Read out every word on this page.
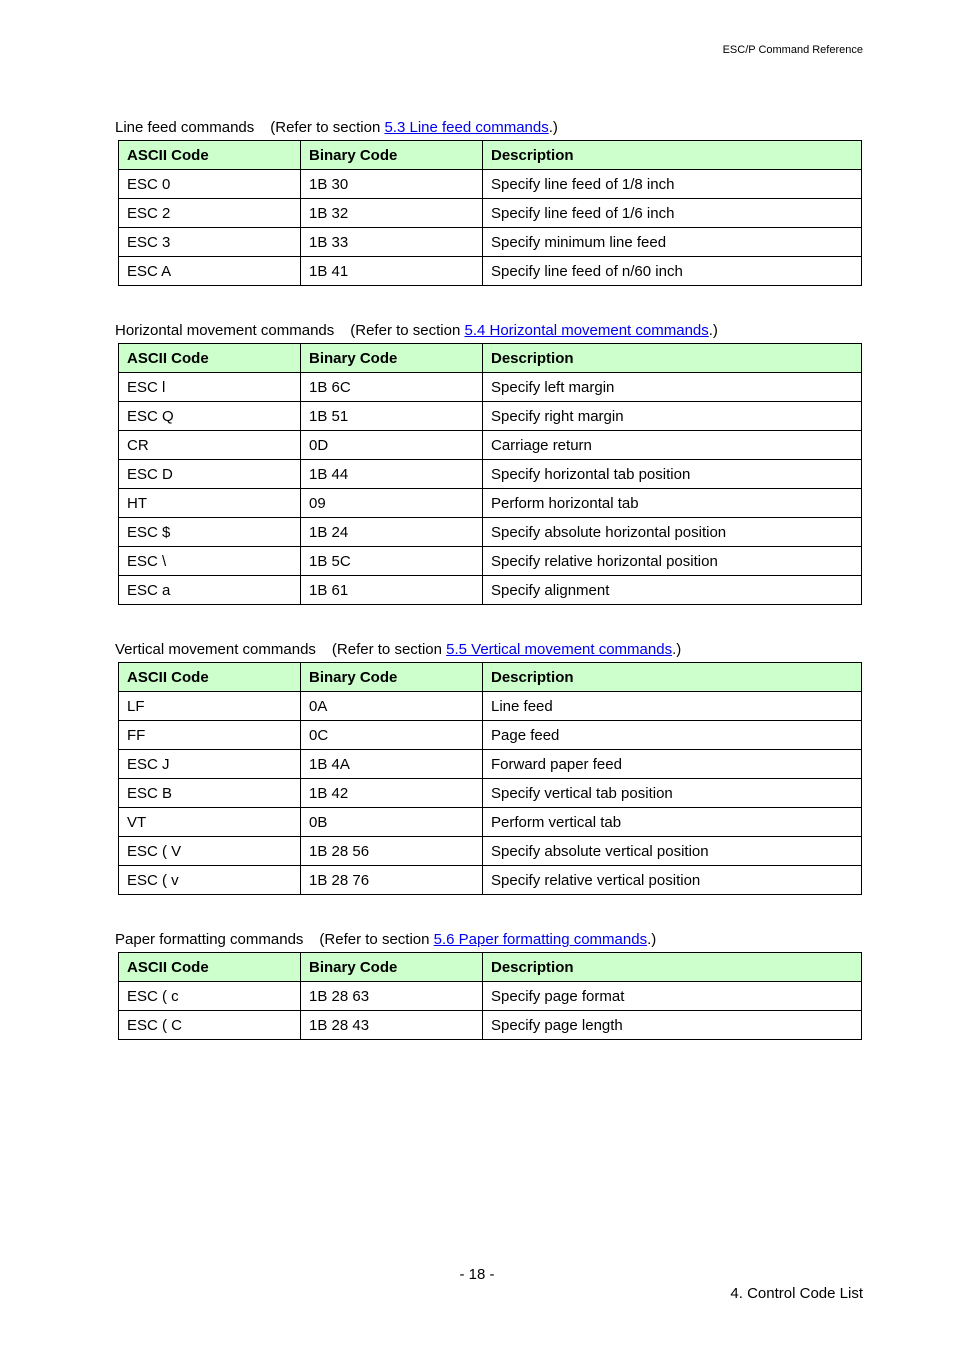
ESC/P Command Reference
Line feed commands (Refer to section 5.3 Line feed commands.)
ASCII Code	Binary Code	Description
ESC 0	1B 30	Specify line feed of 1/8 inch
ESC 2	1B 32	Specify line feed of 1/6 inch
ESC 3	1B 33	Specify minimum line feed
ESC A	1B 41	Specify line feed of n/60 inch
Horizontal movement commands (Refer to section 5.4 Horizontal movement commands.)
ASCII Code	Binary Code	Description
ESC l	1B 6C	Specify left margin
ESC Q	1B 51	Specify right margin
CR	0D	Carriage return
ESC D	1B 44	Specify horizontal tab position
HT	09	Perform horizontal tab
ESC $	1B 24	Specify absolute horizontal position
ESC \	1B 5C	Specify relative horizontal position
ESC a	1B 61	Specify alignment
Vertical movement commands (Refer to section 5.5 Vertical movement commands.)
ASCII Code	Binary Code	Description
LF	0A	Line feed
FF	0C	Page feed
ESC J	1B 4A	Forward paper feed
ESC B	1B 42	Specify vertical tab position
VT	0B	Perform vertical tab
ESC ( V	1B 28 56	Specify absolute vertical position
ESC ( v	1B 28 76	Specify relative vertical position
Paper formatting commands (Refer to section 5.6 Paper formatting commands.)
ASCII Code	Binary Code	Description
ESC ( c	1B 28 63	Specify page format
ESC ( C	1B 28 43	Specify page length
- 18 -
4. Control Code List
